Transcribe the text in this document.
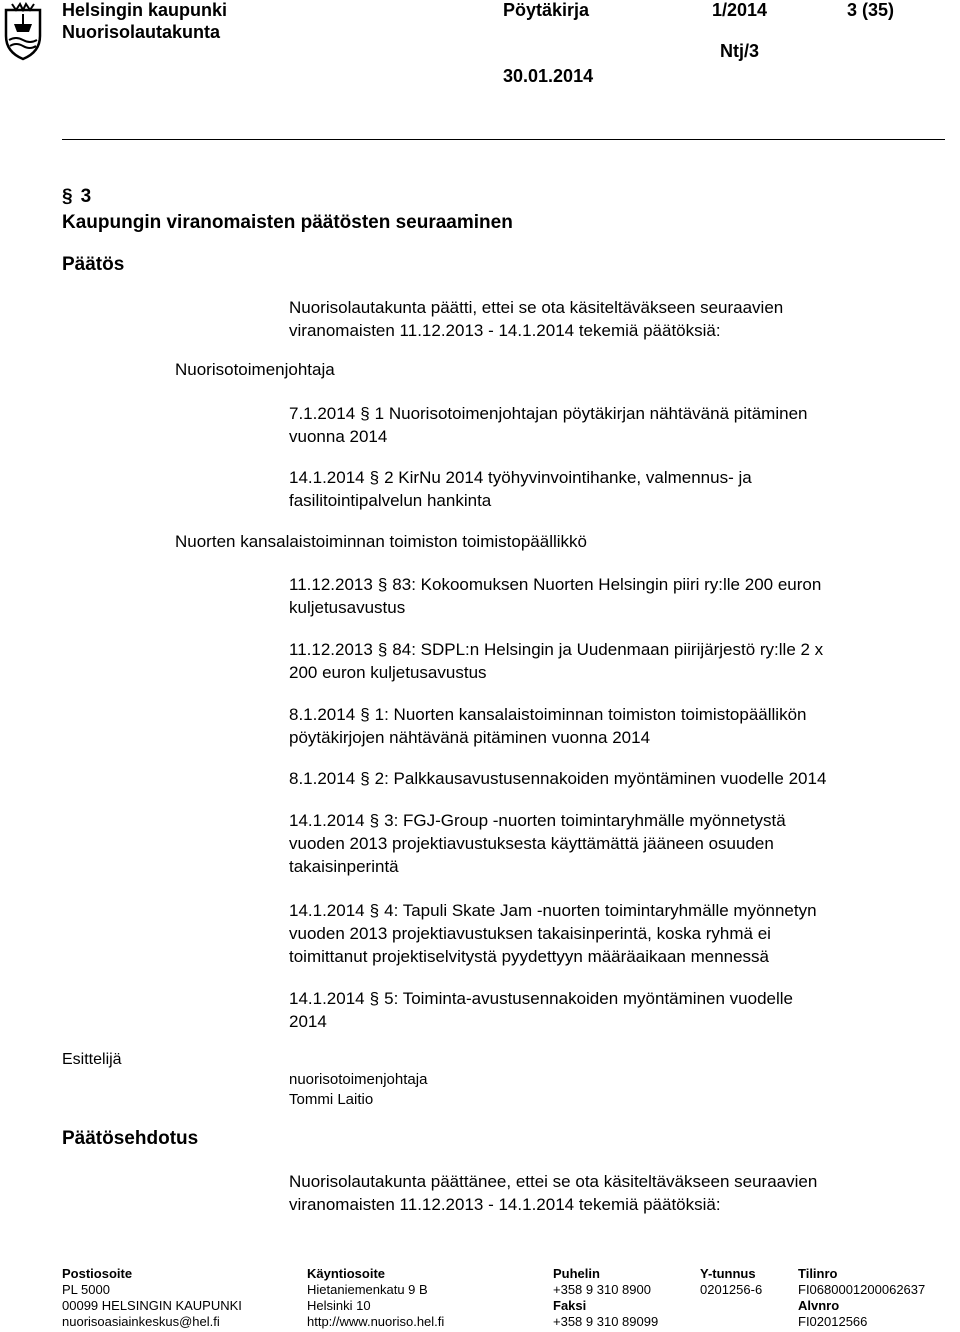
Helsingin kaupunki
Nuorisolautakunta
Pöytäkirja	1/2014	3 (35)
Ntj/3
30.01.2014
§ 3
Kaupungin viranomaisten päätösten seuraaminen
Päätös
Nuorisolautakunta päätti, ettei se ota käsiteltäväkseen seuraavien
viranomaisten 11.12.2013 - 14.1.2014 tekemiä päätöksiä:
Nuorisotoimenjohtaja
7.1.2014 § 1 Nuorisotoimenjohtajan pöytäkirjan nähtävänä pitäminen
vuonna 2014
14.1.2014 § 2 KirNu 2014 työhyvinvointihanke, valmennus- ja
fasilitointipalvelun hankinta
Nuorten kansalaistoiminnan toimiston toimistopäällikkö
11.12.2013 § 83: Kokoomuksen Nuorten Helsingin piiri ry:lle 200 euron
kuljetusavustus
11.12.2013 § 84: SDPL:n Helsingin ja Uudenmaan piirijärjestö ry:lle 2 x
200 euron kuljetusavustus
8.1.2014 § 1: Nuorten kansalaistoiminnan toimiston toimistopäällikön
pöytäkirjojen nähtävänä pitäminen vuonna 2014
8.1.2014 § 2: Palkkausavustusennakoiden myöntäminen vuodelle 2014
14.1.2014 § 3: FGJ-Group -nuorten toimintaryhmälle myönnetystä
vuoden 2013 projektiavustuksesta käyttämättä jääneen osuuden
takaisinperintä
14.1.2014 § 4: Tapuli Skate Jam -nuorten toimintaryhmälle myönnetyn
vuoden 2013 projektiavustuksen takaisinperintä, koska ryhmä ei
toimittanut projektiselvitystä pyydettyyn määräaikaan mennessä
14.1.2014 § 5: Toiminta-avustusennakoiden myöntäminen vuodelle
2014
Esittelijä
nuorisotoimenjohtaja
Tommi Laitio
Päätösehdotus
Nuorisolautakunta päättänee, ettei se ota käsiteltäväkseen seuraavien
viranomaisten 11.12.2013 - 14.1.2014 tekemiä päätöksiä:
Postiosoite
PL 5000
00099 HELSINGIN KAUPUNKI
nuorisoasiainkeskus@hel.fi
Käyntiosoite
Hietaniemenkatu 9 B
Helsinki 10
http://www.nuoriso.hel.fi
Puhelin
+358 9 310 8900
Faksi
+358 9 310 89099
Y-tunnus
0201256-6
Tilinro
FI0680001200062637
Alvnro
FI02012566
